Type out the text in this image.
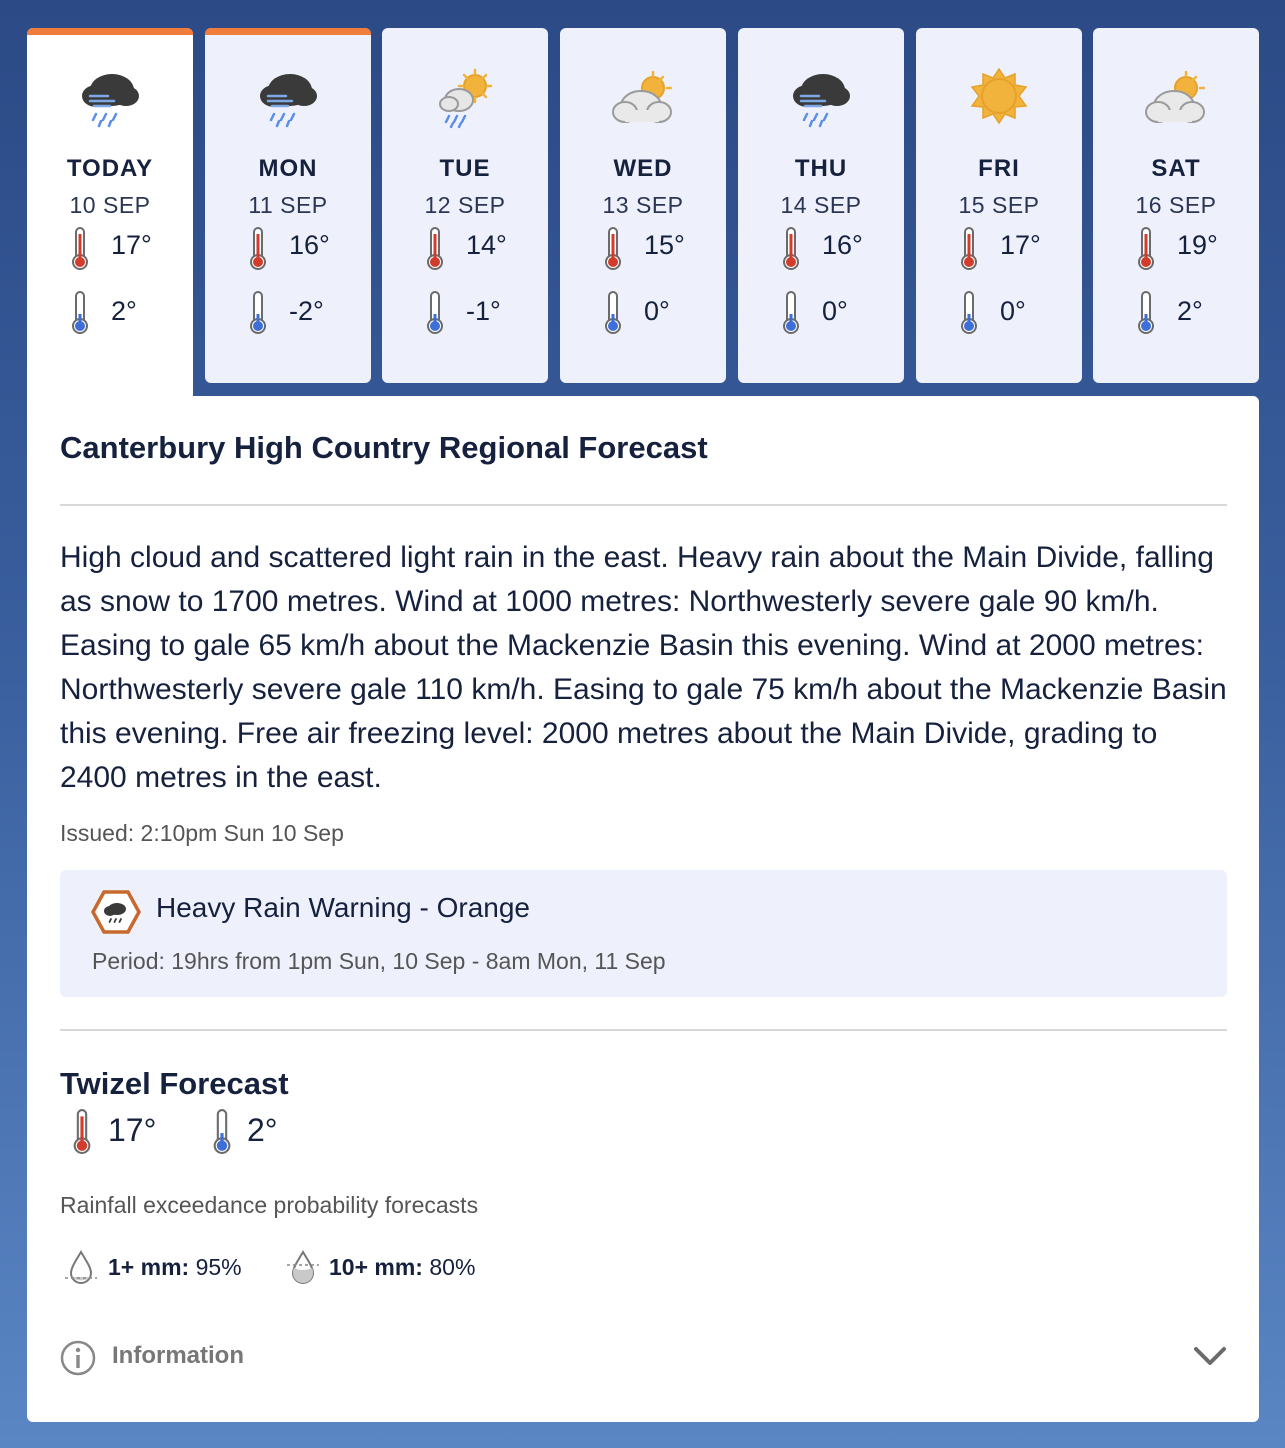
TODAY
10 SEP
17°
2°
MON
11 SEP
16°
-2°
TUE
12 SEP
14°
-1°
WED
13 SEP
15°
0°
THU
14 SEP
16°
0°
FRI
15 SEP
17°
0°
SAT
16 SEP
19°
2°
Canterbury High Country Regional Forecast
High cloud and scattered light rain in the east. Heavy rain about the Main Divide, falling as snow to 1700 metres. Wind at 1000 metres: Northwesterly severe gale 90 km/h. Easing to gale 65 km/h about the Mackenzie Basin this evening. Wind at 2000 metres: Northwesterly severe gale 110 km/h. Easing to gale 75 km/h about the Mackenzie Basin this evening. Free air freezing level: 2000 metres about the Main Divide, grading to 2400 metres in the east.
Issued: 2:10pm Sun 10 Sep
Heavy Rain Warning - Orange
Period: 19hrs from 1pm Sun, 10 Sep - 8am Mon, 11 Sep
Twizel Forecast
17°	2°
Rainfall exceedance probability forecasts
1+ mm: 95%	10+ mm: 80%
Information
